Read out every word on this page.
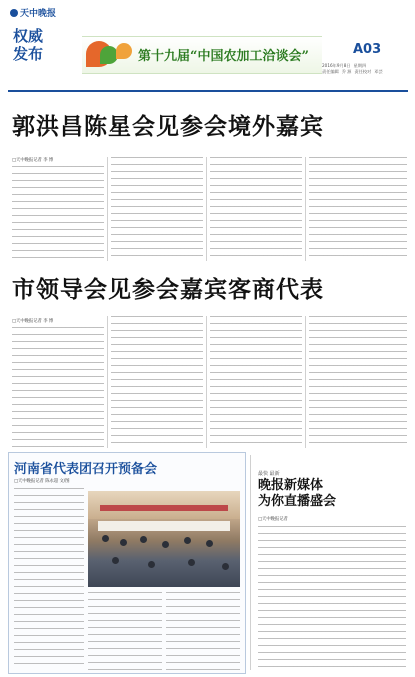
天中晚报
权威
发布	第十九届“中国农加工洽谈会”	A03
2016年9月8日 星期四
责任编辑 乔 源 责任校对 邓芸
郭洪昌陈星会见参会境外嘉宾
□天中晚报记者 李 博
市领导会见参会嘉宾客商代表
□天中晚报记者 李 博
河南省代表团召开预备会
□天中晚报记者 陈永超 文/图
最快 最新
晚报新媒体
为你直播盛会
□天中晚报记者
